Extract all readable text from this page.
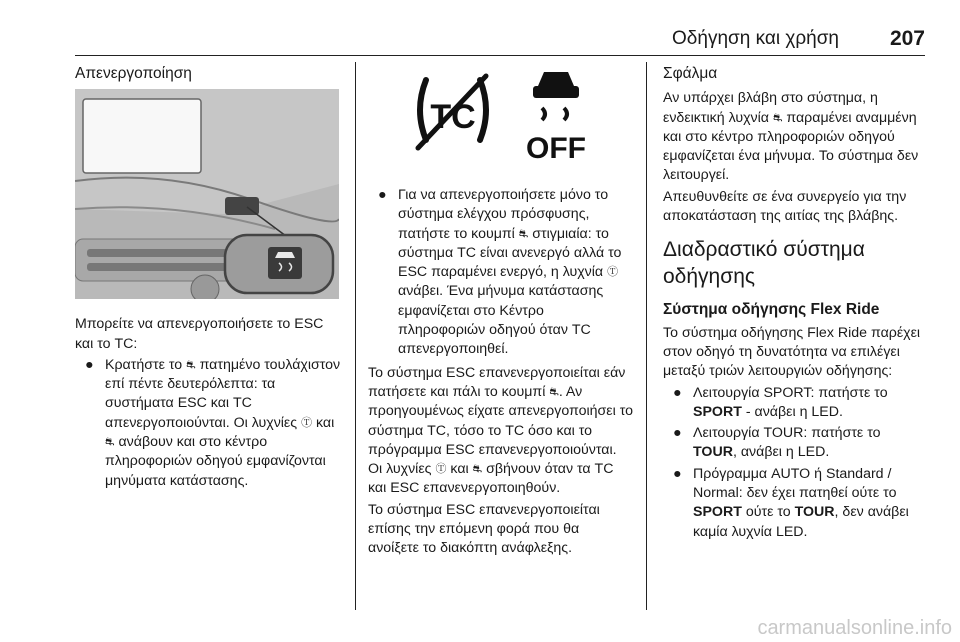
Οδήγηση και χρήση 207
Απενεργοποίηση

Μπορείτε να απενεργοποιήσετε το ESC και το TC:

● Κρατήστε το ⛐ πατημένο τουλάχιστον επί πέντε δευτερόλεπτα: τα συστήματα ESC και TC απενεργοποιούνται. Οι λυχνίες Ⓣ και ⛐ ανάβουν και στο κέντρο πληροφοριών οδηγού εμφανίζονται μηνύματα κατάστασης.
TC
OFF
● Για να απενεργοποιήσετε μόνο το σύστημα ελέγχου πρόσφυσης, πατήστε το κουμπί ⛐ στιγμιαία: το σύστημα TC είναι ανενεργό αλλά το ESC παραμένει ενεργό, η λυχνία Ⓣ ανάβει. Ένα μήνυμα κατάστασης εμφανίζεται στο Κέντρο πληροφοριών οδηγού όταν TC απενεργοποιηθεί.

Το σύστημα ESC επανενεργοποιείται εάν πατήσετε και πάλι το κουμπί ⛐. Αν προηγουμένως είχατε απενεργοποιήσει το σύστημα TC, τόσο το TC όσο και το πρόγραμμα ESC επανενεργοποιούνται. Οι λυχνίες Ⓣ και ⛐ σβήνουν όταν τα TC και ESC επανενεργοποιηθούν.

Το σύστημα ESC επανενεργοποιείται επίσης την επόμενη φορά που θα ανοίξετε το διακόπτη ανάφλεξης.

Σφάλμα

Αν υπάρχει βλάβη στο σύστημα, η ενδεικτική λυχνία ⛐ παραμένει αναμμένη και στο κέντρο πληροφοριών οδηγού εμφανίζεται ένα μήνυμα. Το σύστημα δεν λειτουργεί.

Απευθυνθείτε σε ένα συνεργείο για την αποκατάσταση της αιτίας της βλάβης.

Διαδραστικό σύστημα οδήγησης
Σύστημα οδήγησης Flex Ride

Το σύστημα οδήγησης Flex Ride παρέχει στον οδηγό τη δυνατότητα να επιλέγει μεταξύ τριών λειτουργιών οδήγησης:

● Λειτουργία SPORT: πατήστε το SPORT - ανάβει η LED.
● Λειτουργία TOUR: πατήστε το TOUR, ανάβει η LED.
● Πρόγραμμα AUTO ή Standard / Normal: δεν έχει πατηθεί ούτε το SPORT ούτε το TOUR, δεν ανάβει καμία λυχνία LED.
carmanualsonline.info
